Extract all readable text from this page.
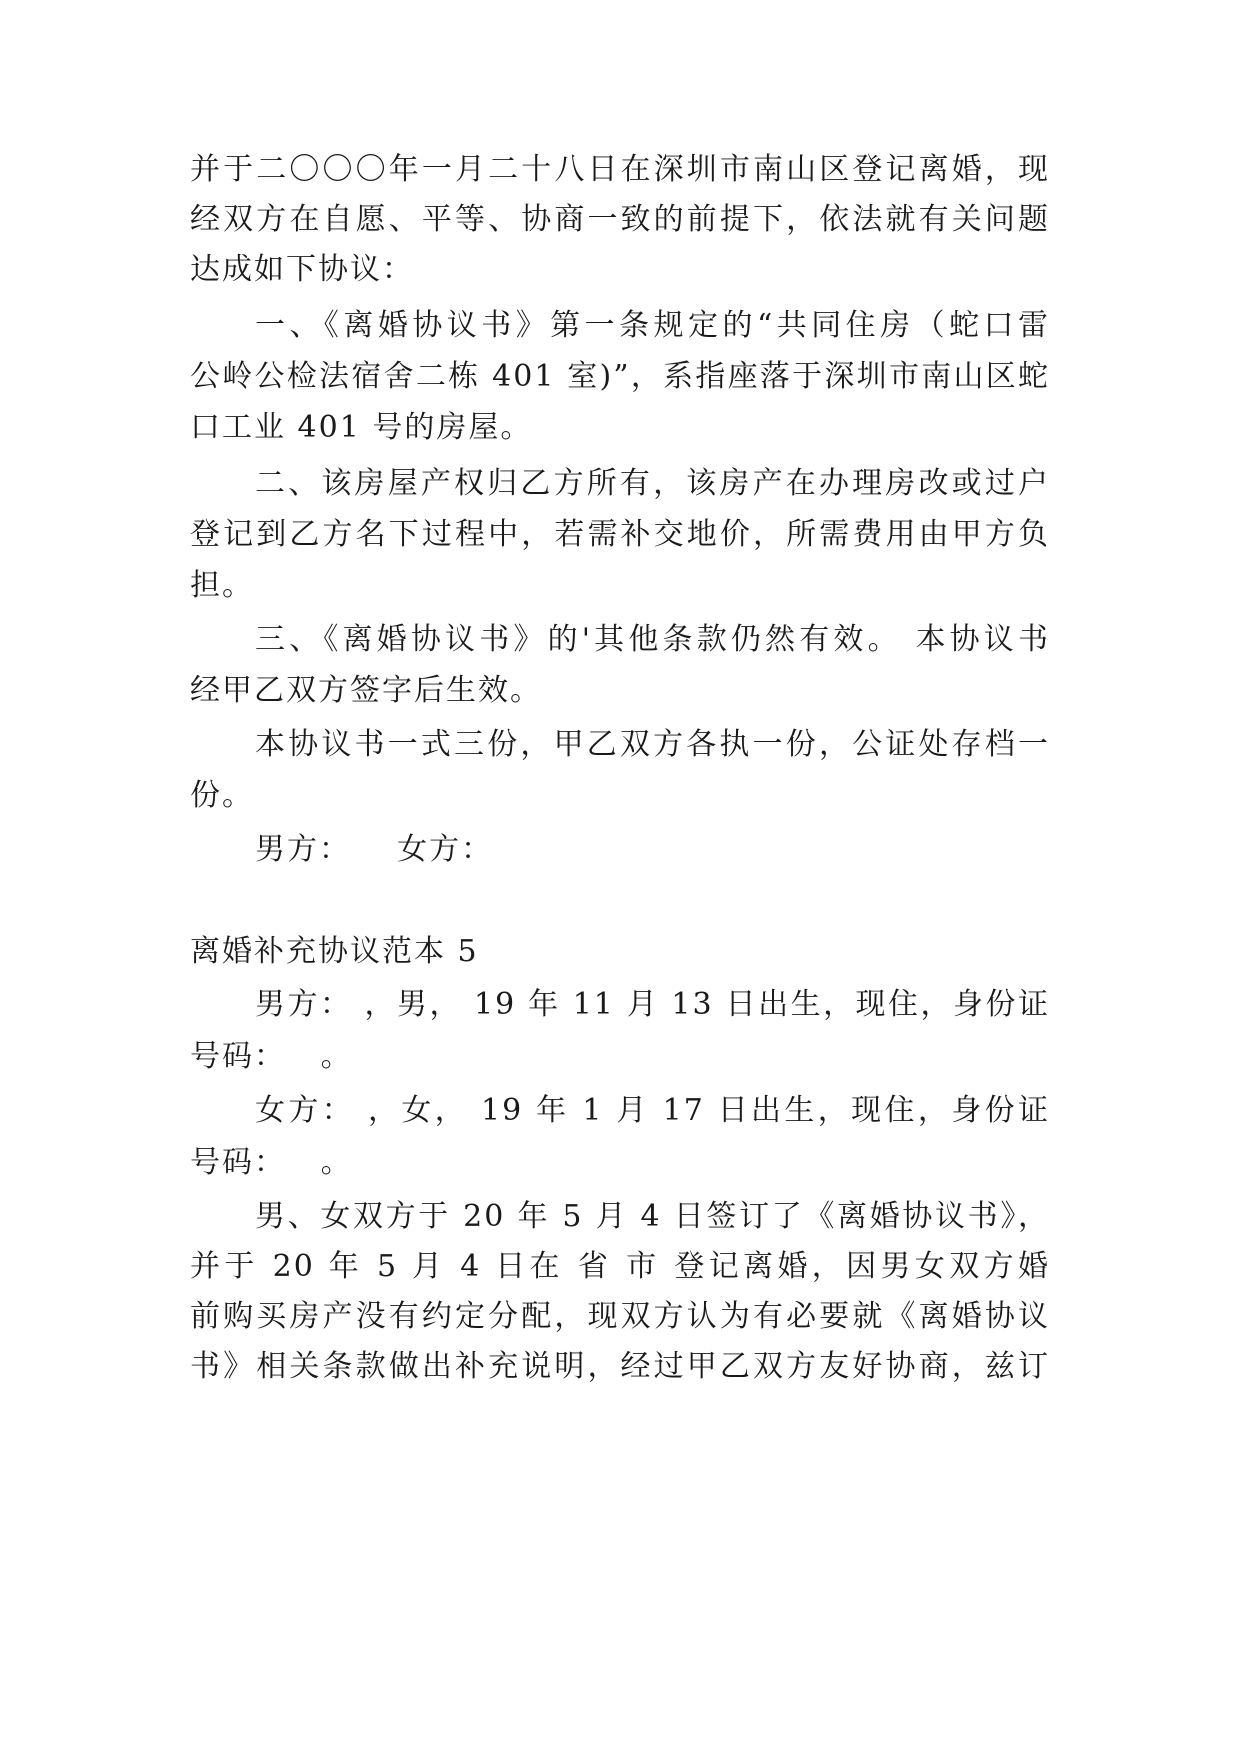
并于二〇〇〇年一月二十八日在深圳市南山区登记离婚，现
经双方在自愿、平等、协商一致的前提下，依法就有关问题
达成如下协议：
一、《离婚协议书》第一条规定的“共同住房（蛇口雷
公岭公检法宿舍二栋 401 室)”，系指座落于深圳市南山区蛇
口工业 401 号的房屋。
二、该房屋产权归乙方所有，该房产在办理房改或过户
登记到乙方名下过程中，若需补交地价，所需费用由甲方负
担。
三、《离婚协议书》的'其他条款仍然有效。 本协议书
经甲乙双方签字后生效。
本协议书一式三份，甲乙双方各执一份，公证处存档一
份。
男方：    女方：
离婚补充协议范本 5
男方： ，男， 19 年 11 月 13 日出生，现住，身份证
号码：   。
女方： ，女， 19 年 1 月 17 日出生，现住，身份证
号码：   。
男、女双方于 20 年 5 月 4 日签订了《离婚协议书》，
并于 20 年 5 月 4 日在 省 市 登记离婚，因男女双方婚
前购买房产没有约定分配，现双方认为有必要就《离婚协议
书》相关条款做出补充说明，经过甲乙双方友好协商，兹订
